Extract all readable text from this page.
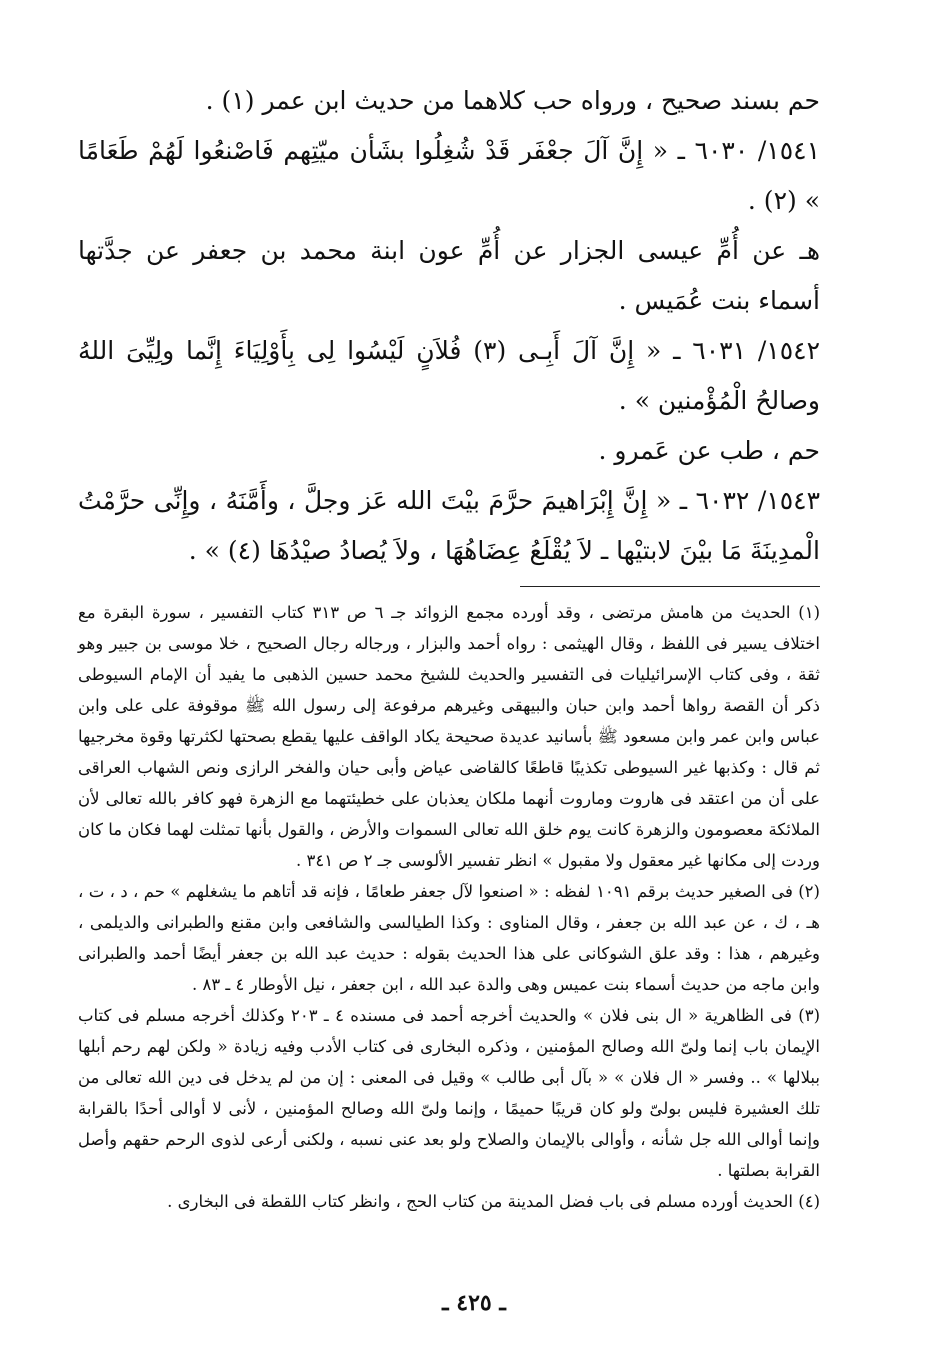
حم بسند صحيح ، ورواه حب كلاهما من حديث ابن عمر (١) .

١٥٤١/ ٦٠٣٠ ـ « إِنَّ آلَ جعْفَر قَدْ شُغِلُوا بشَأن ميّتِهم فَاصْنعُوا لَهُمْ طَعَامًا » (٢) .

هـ عن أُمِّ عيسى الجزار عن أُمِّ عون ابنة محمد بن جعفر عن جدَّتها أسماء بنت عُمَيس .

١٥٤٢/ ٦٠٣١ ـ « إِنَّ آلَ أَبِـى (٣) فُلاَنٍ لَيْسُوا لِى بِأَوْلِيَاءَ إِنَّما ولِيِّىَ اللهُ وصالحُ الْمُؤْمنين » .

حم ، طب عن عَمرو .

١٥٤٣/ ٦٠٣٢ ـ « إِنَّ إِبْرَاهيمَ حرَّمَ بيْتَ الله عَز وجلَّ ، وأَمَّنَهُ ، وإِنِّى حرَّمْتُ الْمدِينَةَ مَا بيْنَ لابتيْها ـ لاَ يُقْلَعُ عِضَاهُهَا ، ولاَ يُصادُ صيْدُهَا (٤) » .

(١) الحديث من هامش مرتضى ، وقد أورده مجمع الزوائد جـ ٦ ص ٣١٣ كتاب التفسير ، سورة البقرة مع اختلاف يسير فى اللفظ ، وقال الهيثمى : رواه أحمد والبزار ، ورجاله رجال الصحيح ، خلا موسى بن جبير وهو ثقة ، وفى كتاب الإسرائيليات فى التفسير والحديث للشيخ محمد حسين الذهبى ما يفيد أن الإمام السيوطى ذكر أن القصة رواها أحمد وابن حبان والبيهقى وغيرهم مرفوعة إلى رسول الله ﷺ موقوفة على على وابن عباس وابن عمر وابن مسعود ﷺ بأسانيد عديدة صحيحة يكاد الواقف عليها يقطع بصحتها لكثرتها وقوة مخرجيها ثم قال : وكذبها غير السيوطى تكذيبًا قاطعًا كالقاضى عياض وأبى حيان والفخر الرازى ونص الشهاب العراقى على أن من اعتقد فى هاروت وماروت أنهما ملكان يعذبان على خطيئتهما مع الزهرة فهو كافر بالله تعالى لأن الملائكة معصومون والزهرة كانت يوم خلق الله تعالى السموات والأرض ، والقول بأنها تمثلت لهما فكان ما كان وردت إلى مكانها غير معقول ولا مقبول » انظر تفسير الألوسى جـ ٢ ص ٣٤١ .

(٢) فى الصغير حديث برقم ١٠٩١ لفظه : « اصنعوا لآل جعفر طعامًا ، فإنه قد أتاهم ما يشغلهم » حم ، د ، ت ، هـ ، ك ، عن عبد الله بن جعفر ، وقال المناوى : وكذا الطيالسى والشافعى وابن مقنع والطبرانى والديلمى ، وغيرهم ، هذا : وقد علق الشوكانى على هذا الحديث بقوله : حديث عبد الله بن جعفر أيضًا أحمد والطبرانى وابن ماجه من حديث أسماء بنت عميس وهى والدة عبد الله ، ابن جعفر ، نيل الأوطار ٤ ـ ٨٣ .

(٣) فى الظاهرية « ال بنى فلان » والحديث أخرجه أحمد فى مسنده ٤ ـ ٢٠٣ وكذلك أخرجه مسلم فى كتاب الإيمان باب إنما ولىّ الله وصالح المؤمنين ، وذكره البخارى فى كتاب الأدب وفيه زيادة « ولكن لهم رحم أبلها ببلالها » .. وفسر « ال فلان » « بآل أبى طالب » وقيل فى المعنى : إن من لم يدخل فى دين الله تعالى من تلك العشيرة فليس بولىّ ولو كان قريبًا حميمًا ، وإنما ولىّ الله وصالح المؤمنين ، لأنى لا أوالى أحدًا بالقرابة وإنما أوالى الله جل شأنه ، وأوالى بالإيمان والصلاح ولو بعد عنى نسبه ، ولكنى أرعى لذوى الرحم حقهم وأصل القرابة بصلتها .

(٤) الحديث أورده مسلم فى باب فضل المدينة من كتاب الحج ، وانظر كتاب اللقطة فى البخارى .

ـ ٤٢٥ ـ
